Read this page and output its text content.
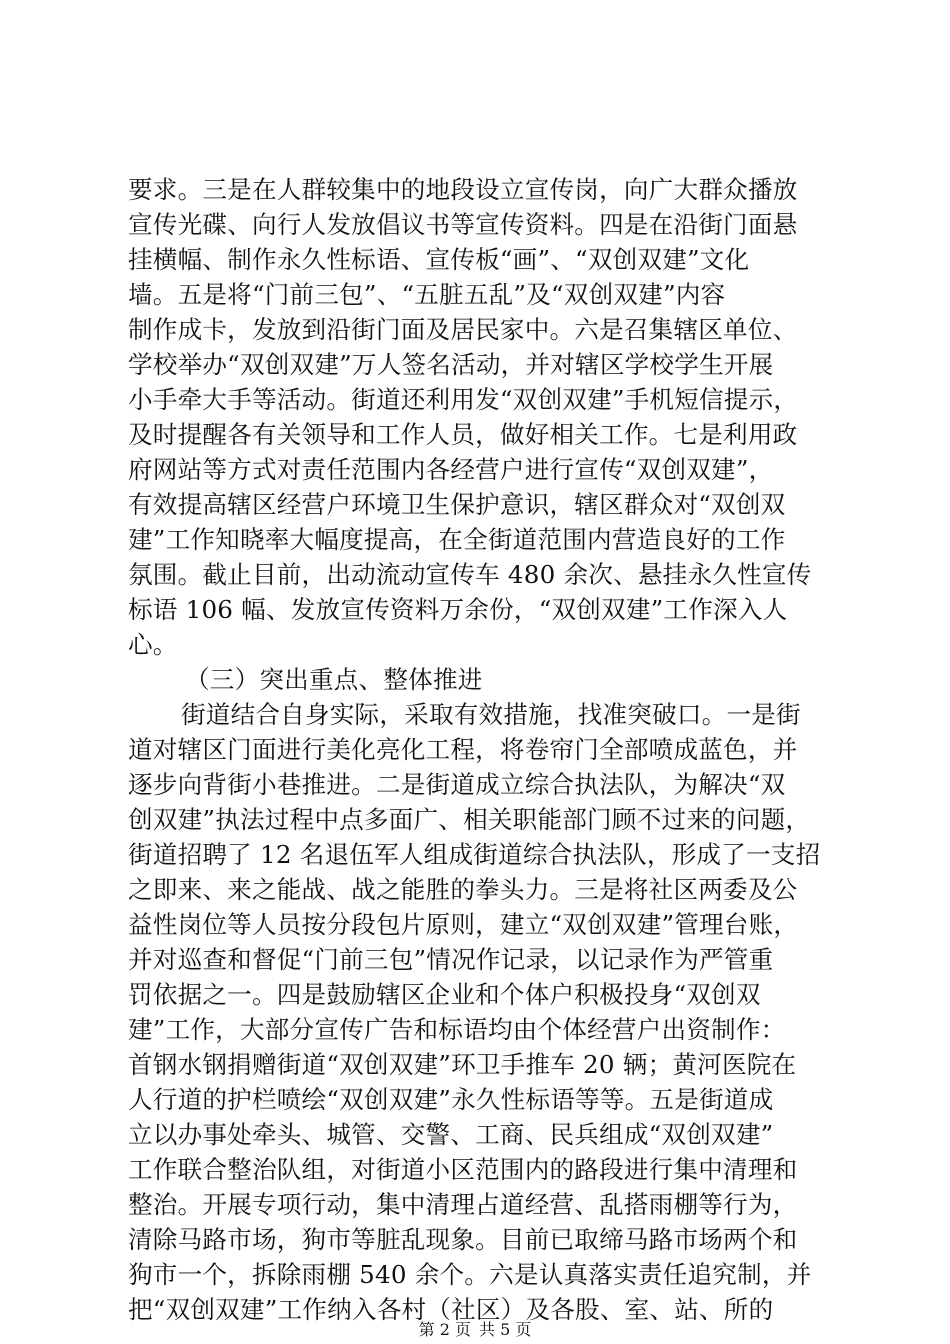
要求。三是在人群较集中的地段设立宣传岗，向广大群众播放
宣传光碟、向行人发放倡议书等宣传资料。四是在沿街门面悬
挂横幅、制作永久性标语、宣传板“画”、“双创双建”文化
墙。五是将“门前三包”、“五脏五乱”及“双创双建”内容
制作成卡，发放到沿街门面及居民家中。六是召集辖区单位、
学校举办“双创双建”万人签名活动，并对辖区学校学生开展
小手牵大手等活动。街道还利用发“双创双建”手机短信提示，
及时提醒各有关领导和工作人员，做好相关工作。七是利用政
府网站等方式对责任范围内各经营户进行宣传“双创双建”，
有效提高辖区经营户环境卫生保护意识，辖区群众对“双创双
建”工作知晓率大幅度提高，在全街道范围内营造良好的工作
氛围。截止目前，出动流动宣传车 480 余次、悬挂永久性宣传
标语 106 幅、发放宣传资料万余份，“双创双建”工作深入人
心。
（三）突出重点、整体推进
街道结合自身实际，采取有效措施，找准突破口。一是街
道对辖区门面进行美化亮化工程，将卷帘门全部喷成蓝色，并
逐步向背街小巷推进。二是街道成立综合执法队，为解决“双
创双建”执法过程中点多面广、相关职能部门顾不过来的问题，
街道招聘了 12 名退伍军人组成街道综合执法队，形成了一支招
之即来、来之能战、战之能胜的拳头力。三是将社区两委及公
益性岗位等人员按分段包片原则，建立“双创双建”管理台账，
并对巡查和督促“门前三包”情况作记录，以记录作为严管重
罚依据之一。四是鼓励辖区企业和个体户积极投身“双创双
建”工作，大部分宣传广告和标语均由个体经营户出资制作：
首钢水钢捐赠街道“双创双建”环卫手推车 20 辆；黄河医院在
人行道的护栏喷绘“双创双建”永久性标语等等。五是街道成
立以办事处牵头、城管、交警、工商、民兵组成“双创双建”
工作联合整治队组，对街道小区范围内的路段进行集中清理和
整治。开展专项行动，集中清理占道经营、乱搭雨棚等行为，
清除马路市场，狗市等脏乱现象。目前已取缔马路市场两个和
狗市一个，拆除雨棚 540 余个。六是认真落实责任追究制，并
把“双创双建”工作纳入各村（社区）及各股、室、站、所的
第 2 页 共 5 页
